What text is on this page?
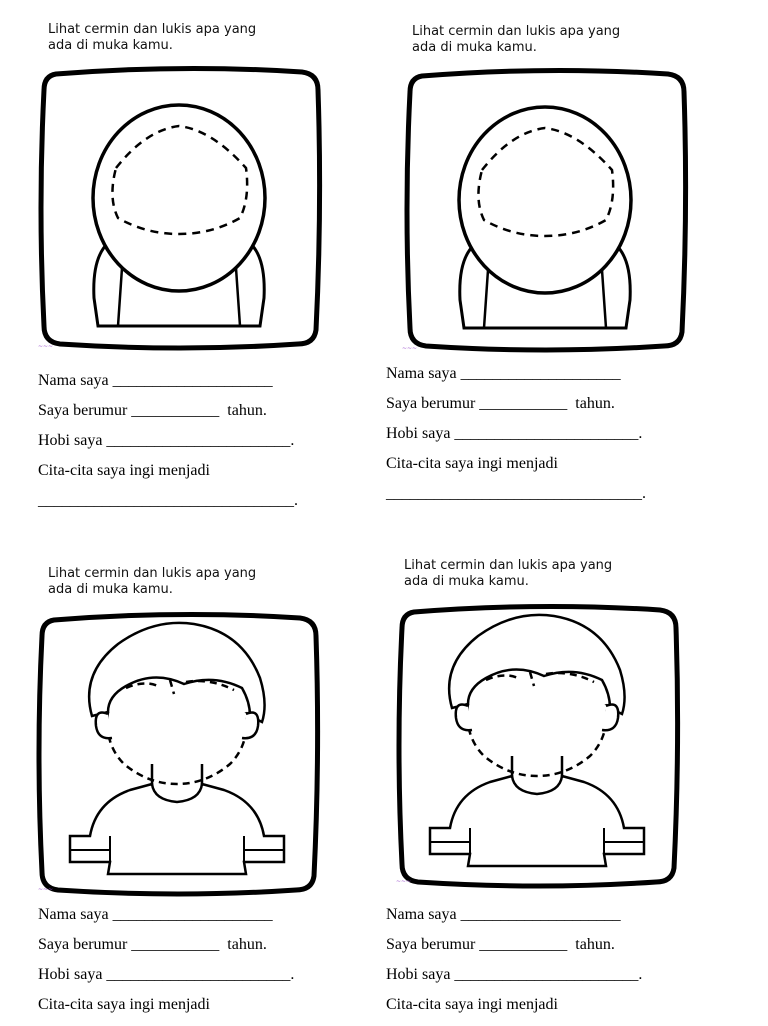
Lihat cermin dan lukis apa yang
ada di muka kamu.
~~~
Nama saya ____________________
Saya berumur ___________  tahun.
Hobi saya _______________________.
Cita-cita saya ingi menjadi
________________________________.
Lihat cermin dan lukis apa yang
ada di muka kamu.
~~~
Nama saya ____________________
Saya berumur ___________  tahun.
Hobi saya _______________________.
Cita-cita saya ingi menjadi
________________________________.
Lihat cermin dan lukis apa yang
ada di muka kamu.
~~~
Nama saya ____________________
Saya berumur ___________  tahun.
Hobi saya _______________________.
Cita-cita saya ingi menjadi
Lihat cermin dan lukis apa yang
ada di muka kamu.
~~~
Nama saya ____________________
Saya berumur ___________  tahun.
Hobi saya _______________________.
Cita-cita saya ingi menjadi
